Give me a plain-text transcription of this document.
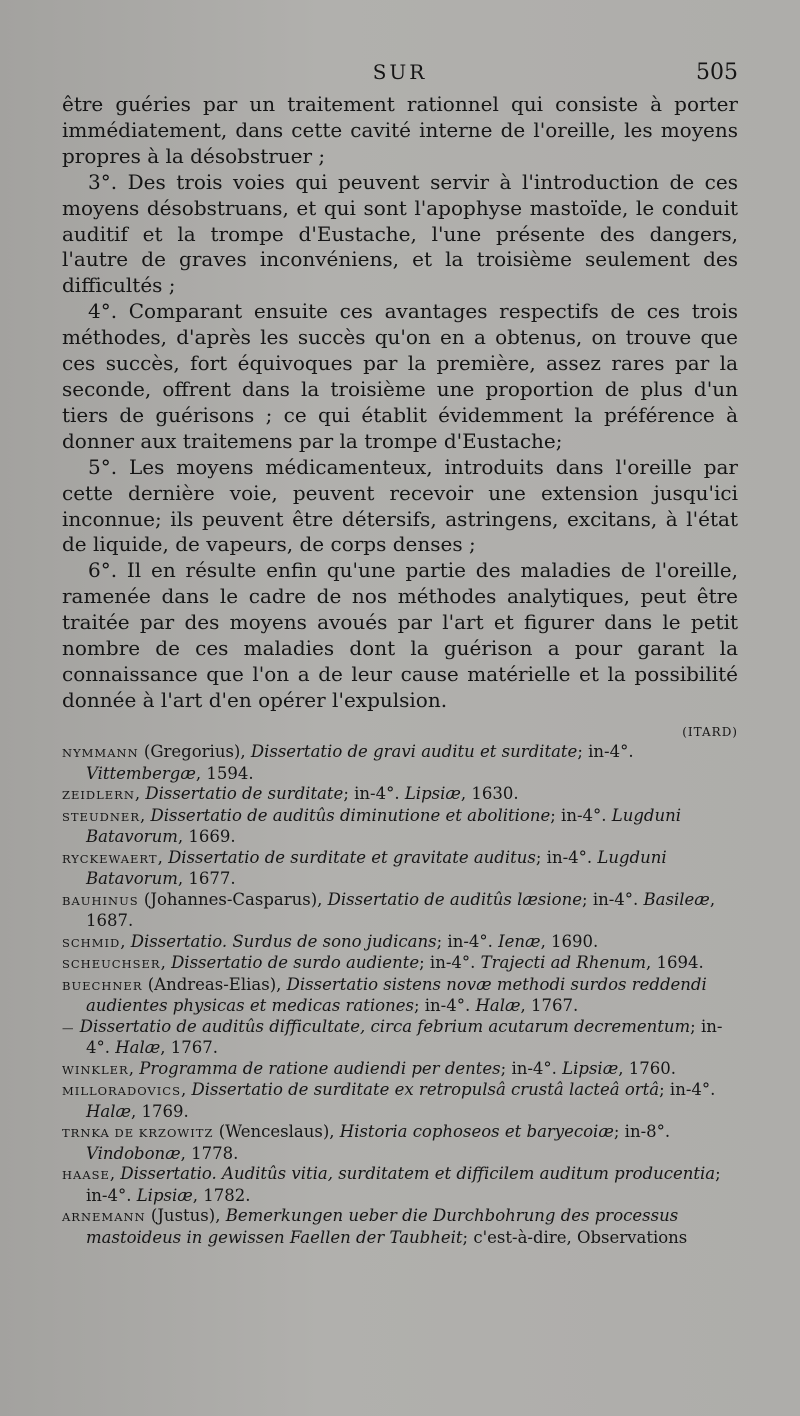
SUR	505

être guéries par un traitement rationnel qui consiste à porter immédiatement, dans cette cavité interne de l'oreille, les moyens propres à la désobstruer ;

3°. Des trois voies qui peuvent servir à l'introduction de ces moyens désobstruans, et qui sont l'apophyse mastoïde, le conduit auditif et la trompe d'Eustache, l'une présente des dangers, l'autre de graves inconvéniens, et la troisième seulement des difficultés ;

4°. Comparant ensuite ces avantages respectifs de ces trois méthodes, d'après les succès qu'on en a obtenus, on trouve que ces succès, fort équivoques par la première, assez rares par la seconde, offrent dans la troisième une proportion de plus d'un tiers de guérisons ; ce qui établit évidemment la préférence à donner aux traitemens par la trompe d'Eustache;

5°. Les moyens médicamenteux, introduits dans l'oreille par cette dernière voie, peuvent recevoir une extension jusqu'ici inconnue; ils peuvent être détersifs, astringens, excitans, à l'état de liquide, de vapeurs, de corps denses ;

6°. Il en résulte enfin qu'une partie des maladies de l'oreille, ramenée dans le cadre de nos méthodes analytiques, peut être traitée par des moyens avoués par l'art et figurer dans le petit nombre de ces maladies dont la guérison a pour garant la connaissance que l'on a de leur cause matérielle et la possibilité donnée à l'art d'en opérer l'expulsion.

(ITARD)

NYMMANN (Gregorius), Dissertatio de gravi auditu et surditate; in-4°. Vittembergæ, 1594.

ZEIDLERN, Dissertatio de surditate; in-4°. Lipsiæ, 1630.

STEUDNER, Dissertatio de auditûs diminutione et abolitione; in-4°. Lugduni Batavorum, 1669.

RYCKEWAERT, Dissertatio de surditate et gravitate auditus; in-4°. Lugduni Batavorum, 1677.

BAUHINUS (Johannes-Casparus), Dissertatio de auditûs læsione; in-4°. Basileæ, 1687.

SCHMID, Dissertatio. Surdus de sono judicans; in-4°. Ienæ, 1690.

SCHEUCHSER, Dissertatio de surdo audiente; in-4°. Trajecti ad Rhenum, 1694.

BUECHNER (Andreas-Elias), Dissertatio sistens novæ methodi surdos reddendi audientes physicas et medicas rationes; in-4°. Halæ, 1767.

— Dissertatio de auditûs difficultate, circa febrium acutarum decrementum; in-4°. Halæ, 1767.

WINKLER, Programma de ratione audiendi per dentes; in-4°. Lipsiæ, 1760.

MILLORADOVICS, Dissertatio de surditate ex retropulsâ crustâ lacteâ ortâ; in-4°. Halæ, 1769.

TRNKA DE KRZOWITZ (Wenceslaus), Historia cophoseos et baryecoiæ; in-8°. Vindobonæ, 1778.

HAASE, Dissertatio. Auditûs vitia, surditatem et difficilem auditum producentia; in-4°. Lipsiæ, 1782.

ARNEMANN (Justus), Bemerkungen ueber die Durchbohrung des processus mastoideus in gewissen Faellen der Taubheit; c'est-à-dire, Observations
